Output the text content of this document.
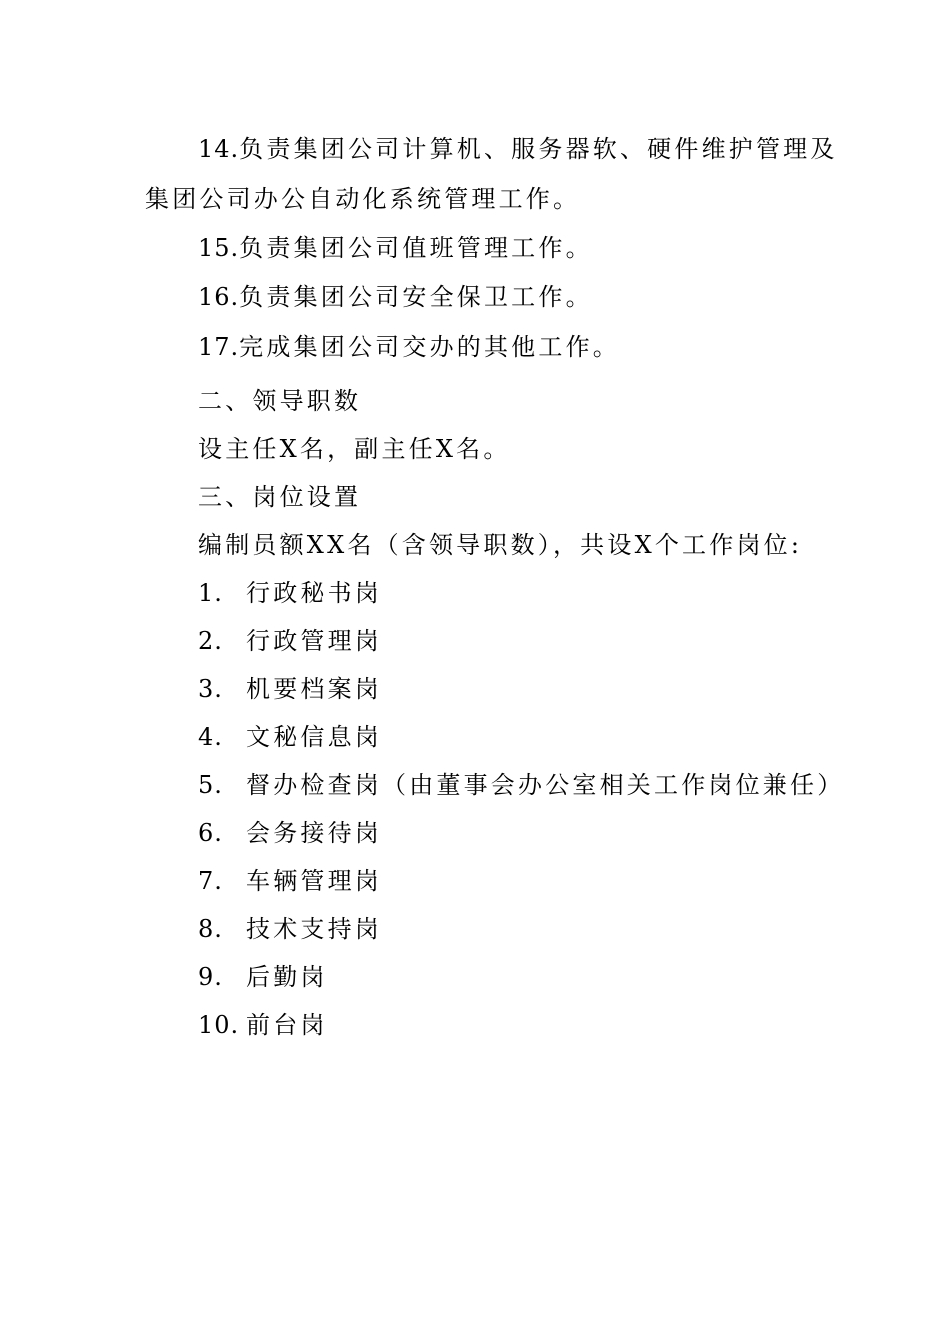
14.负责集团公司计算机、服务器软、硬件维护管理及
集团公司办公自动化系统管理工作。
15.负责集团公司值班管理工作。
16.负责集团公司安全保卫工作。
17.完成集团公司交办的其他工作。
二、领导职数
设主任X名，副主任X名。
三、岗位设置
编制员额XX名（含领导职数），共设X个工作岗位:
1. 行政秘书岗
2. 行政管理岗
3. 机要档案岗
4. 文秘信息岗
5. 督办检查岗（由董事会办公室相关工作岗位兼任）
6. 会务接待岗
7. 车辆管理岗
8. 技术支持岗
9. 后勤岗
10. 前台岗
